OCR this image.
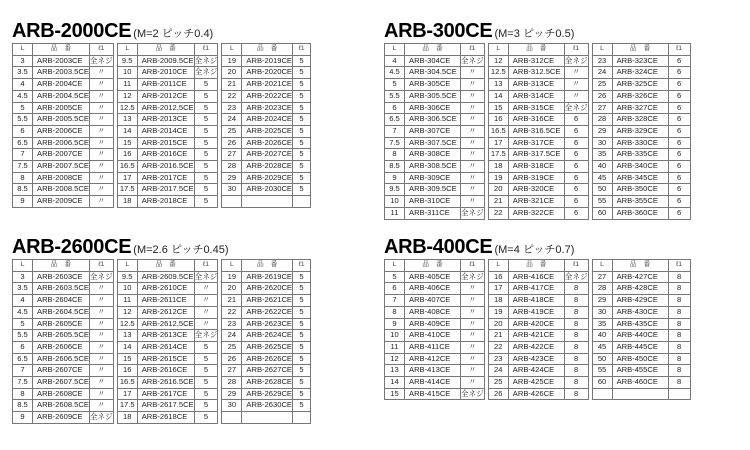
ARB-2000CE (M=2 ピッチ0.4)
L	品　番	ℓ1
3	ARB-2003CE	全ネジ
3.5	ARB-2003.5CE	〃
4	ARB-2004CE	〃
4.5	ARB-2004.5CE	〃
5	ARB-2005CE	〃
5.5	ARB-2005.5CE	〃
6	ARB-2006CE	〃
6.5	ARB-2006.5CE	〃
7	ARB-2007CE	〃
7.5	ARB-2007.5CE	〃
8	ARB-2008CE	〃
8.5	ARB-2008.5CE	〃
9	ARB-2009CE	〃
L	品　番	ℓ1
9.5	ARB-2009.5CE	全ネジ
10	ARB-2010CE	全ネジ
11	ARB-2011CE	5
12	ARB-2012CE	5
12.5	ARB-2012.5CE	5
13	ARB-2013CE	5
14	ARB-2014CE	5
15	ARB-2015CE	5
16	ARB-2016CE	5
16.5	ARB-2016.5CE	5
17	ARB-2017CE	5
17.5	ARB-2017.5CE	5
18	ARB-2018CE	5
L	品　番	ℓ1
19	ARB-2019CE	5
20	ARB-2020CE	5
21	ARB-2021CE	5
22	ARB-2022CE	5
23	ARB-2023CE	5
24	ARB-2024CE	5
25	ARB-2025CE	5
26	ARB-2026CE	5
27	ARB-2027CE	5
28	ARB-2028CE	5
29	ARB-2029CE	5
30	ARB-2030CE	5

ARB-300CE (M=3 ピッチ0.5)
L	品　番	ℓ1
4	ARB-304CE	全ネジ
4.5	ARB-304.5CE	〃
5	ARB-305CE	〃
5.5	ARB-305.5CE	〃
6	ARB-306CE	〃
6.5	ARB-306.5CE	〃
7	ARB-307CE	〃
7.5	ARB-307.5CE	〃
8	ARB-308CE	〃
8.5	ARB-308.5CE	〃
9	ARB-309CE	〃
9.5	ARB-309.5CE	〃
10	ARB-310CE	〃
11	ARB-311CE	全ネジ
L	品　番	ℓ1
12	ARB-312CE	全ネジ
12.5	ARB-312.5CE	〃
13	ARB-313CE	〃
14	ARB-314CE	〃
15	ARB-315CE	全ネジ
16	ARB-316CE	6
16.5	ARB-316.5CE	6
17	ARB-317CE	6
17.5	ARB-317.5CE	6
18	ARB-318CE	6
19	ARB-319CE	6
20	ARB-320CE	6
21	ARB-321CE	6
22	ARB-322CE	6
L	品　番	ℓ1
23	ARB-323CE	6
24	ARB-324CE	6
25	ARB-325CE	6
26	ARB-326CE	6
27	ARB-327CE	6
28	ARB-328CE	6
29	ARB-329CE	6
30	ARB-330CE	6
35	ARB-335CE	6
40	ARB-340CE	6
45	ARB-345CE	6
50	ARB-350CE	6
55	ARB-355CE	6
60	ARB-360CE	6
ARB-2600CE (M=2.6 ピッチ0.45)
L	品　番	ℓ1
3	ARB-2603CE	全ネジ
3.5	ARB-2603.5CE	〃
4	ARB-2604CE	〃
4.5	ARB-2604.5CE	〃
5	ARB-2605CE	〃
5.5	ARB-2605.5CE	〃
6	ARB-2606CE	〃
6.5	ARB-2606.5CE	〃
7	ARB-2607CE	〃
7.5	ARB-2607.5CE	〃
8	ARB-2608CE	〃
8.5	ARB-2608.5CE	〃
9	ARB-2609CE	全ネジ
L	品　番	ℓ1
9.5	ARB-2609.5CE	全ネジ
10	ARB-2610CE	〃
11	ARB-2611CE	〃
12	ARB-2612CE	〃
12.5	ARB-2612.5CE	〃
13	ARB-2613CE	全ネジ
14	ARB-2614CE	5
15	ARB-2615CE	5
16	ARB-2616CE	5
16.5	ARB-2616.5CE	5
17	ARB-2617CE	5
17.5	ARB-2617.5CE	5
18	ARB-2618CE	5
L	品　番	ℓ1
19	ARB-2619CE	5
20	ARB-2620CE	5
21	ARB-2621CE	5
22	ARB-2622CE	5
23	ARB-2623CE	5
24	ARB-2624CE	5
25	ARB-2625CE	5
26	ARB-2626CE	5
27	ARB-2627CE	5
28	ARB-2628CE	5
29	ARB-2629CE	5
30	ARB-2630CE	5

ARB-400CE (M=4 ピッチ0.7)
L	品　番	ℓ1
5	ARB-405CE	全ネジ
6	ARB-406CE	〃
7	ARB-407CE	〃
8	ARB-408CE	〃
9	ARB-409CE	〃
10	ARB-410CE	〃
11	ARB-411CE	〃
12	ARB-412CE	〃
13	ARB-413CE	〃
14	ARB-414CE	〃
15	ARB-415CE	全ネジ
L	品　番	ℓ1
16	ARB-416CE	全ネジ
17	ARB-417CE	8
18	ARB-418CE	8
19	ARB-419CE	8
20	ARB-420CE	8
21	ARB-421CE	8
22	ARB-422CE	8
23	ARB-423CE	8
24	ARB-424CE	8
25	ARB-425CE	8
26	ARB-426CE	8
L	品　番	ℓ1
27	ARB-427CE	8
28	ARB-428CE	8
29	ARB-429CE	8
30	ARB-430CE	8
35	ARB-435CE	8
40	ARB-440CE	8
45	ARB-445CE	8
50	ARB-450CE	8
55	ARB-455CE	8
60	ARB-460CE	8
